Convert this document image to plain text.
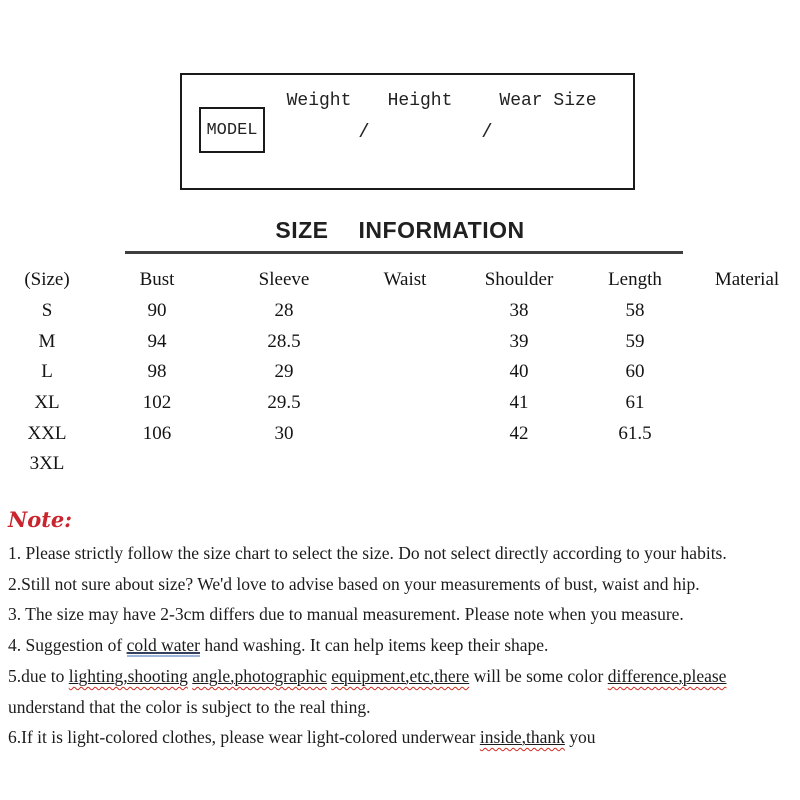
Weight Height	Wear Size
MODEL	/	/
SIZE INFORMATION
(Size)	Bust	Sleeve	Waist	Shoulder	Length	Material
S	90	28		38	58	
M	94	28.5		39	59	
L	98	29		40	60	
XL	102	29.5		41	61	
XXL	106	30		42	61.5	
3XL						
Note:

1. Please strictly follow the size chart to select the size. Do not select directly according to your habits.

2.Still not sure about size? We'd love to advise based on your measurements of bust, waist and hip.

3. The size may have 2-3cm differs due to manual measurement. Please note when you measure.

4. Suggestion of cold water hand washing. It can help items keep their shape.

5.due to lighting,shooting angle,photographic equipment,etc,there will be some color difference,please
understand that the color is subject to the real thing.

6.If it is light-colored clothes, please wear light-colored underwear inside,thank you
